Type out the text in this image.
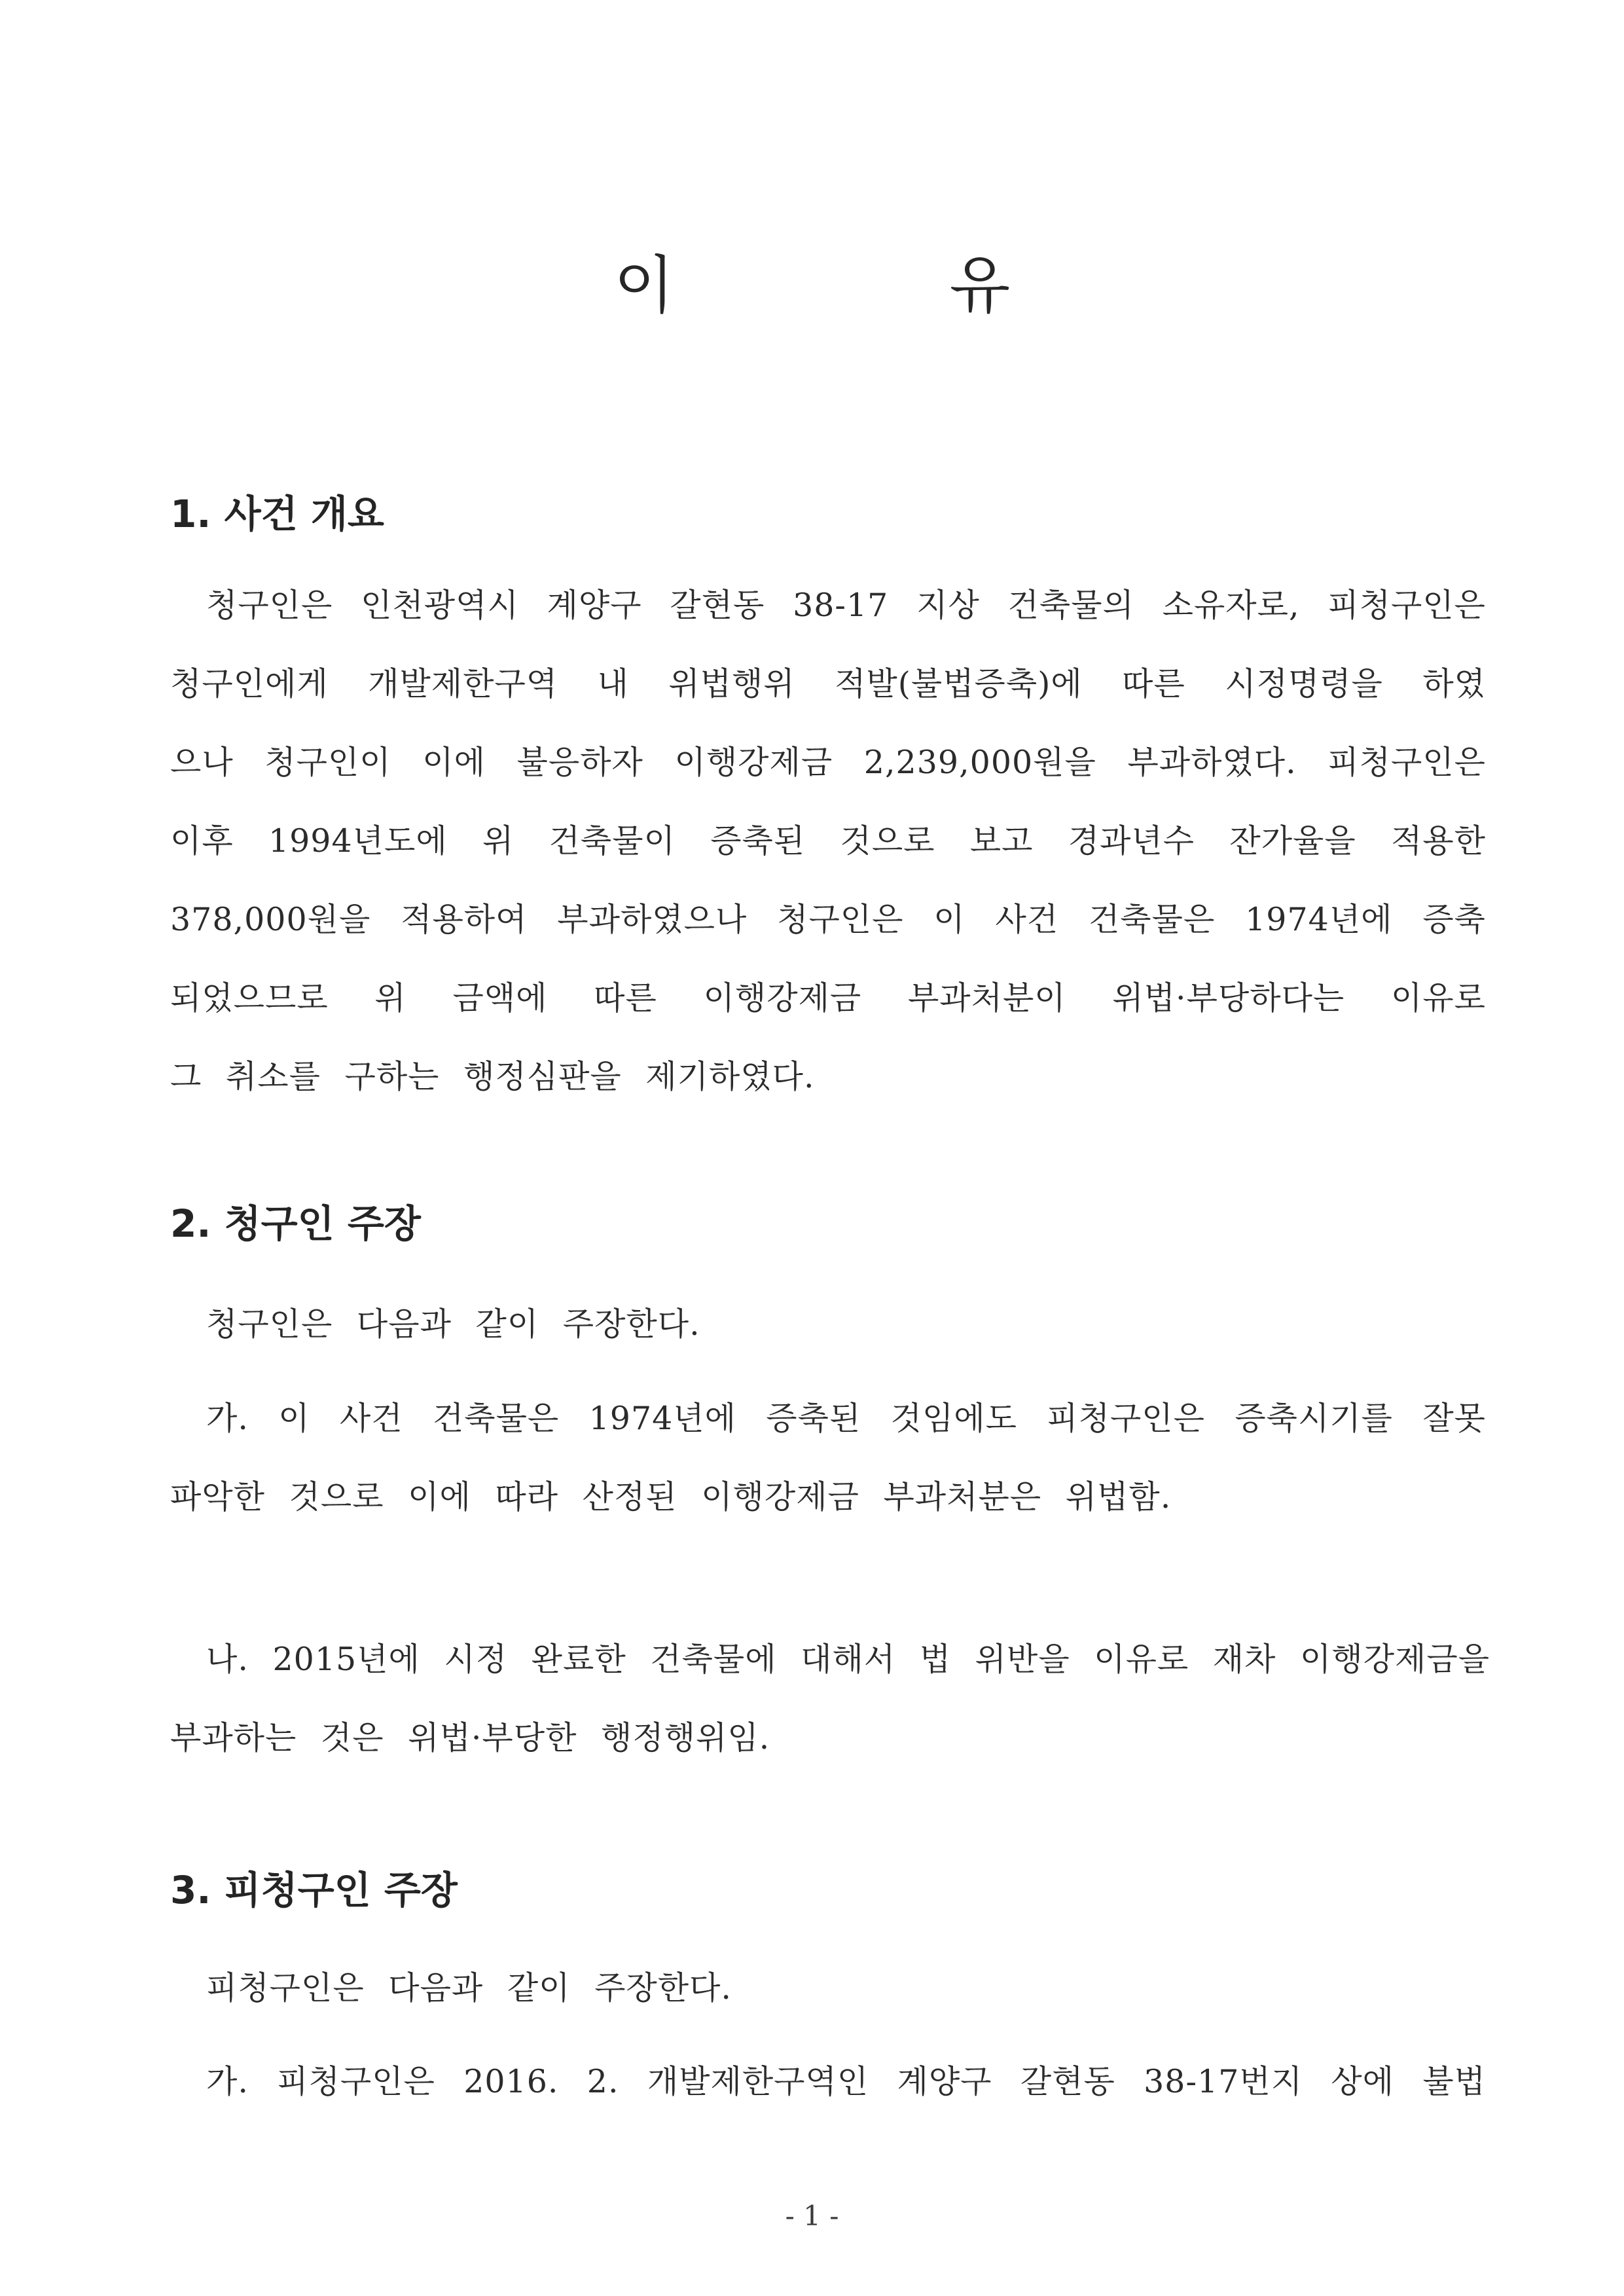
이	유
1. 사건 개요
청구인은 인천광역시 계양구 갈현동 38-17 지상 건축물의 소유자로, 피청구인은
청구인에게 개발제한구역 내 위법행위 적발(불법증축)에 따른 시정명령을 하였
으나 청구인이 이에 불응하자 이행강제금 2,239,000원을 부과하였다. 피청구인은
이후 1994년도에 위 건축물이 증축된 것으로 보고 경과년수 잔가율을 적용한
378,000원을 적용하여 부과하였으나 청구인은 이 사건 건축물은 1974년에 증축
되었으므로 위 금액에 따른 이행강제금 부과처분이 위법·부당하다는 이유로
그 취소를 구하는 행정심판을 제기하였다.
2. 청구인 주장
청구인은 다음과 같이 주장한다.
가. 이 사건 건축물은 1974년에 증축된 것임에도 피청구인은 증축시기를 잘못
파악한 것으로 이에 따라 산정된 이행강제금 부과처분은 위법함.
나. 2015년에 시정 완료한 건축물에 대해서 법 위반을 이유로 재차 이행강제금을
부과하는 것은 위법·부당한 행정행위임.
3. 피청구인 주장
피청구인은 다음과 같이 주장한다.
가. 피청구인은 2016. 2. 개발제한구역인 계양구 갈현동 38-17번지 상에 불법
- 1 -
